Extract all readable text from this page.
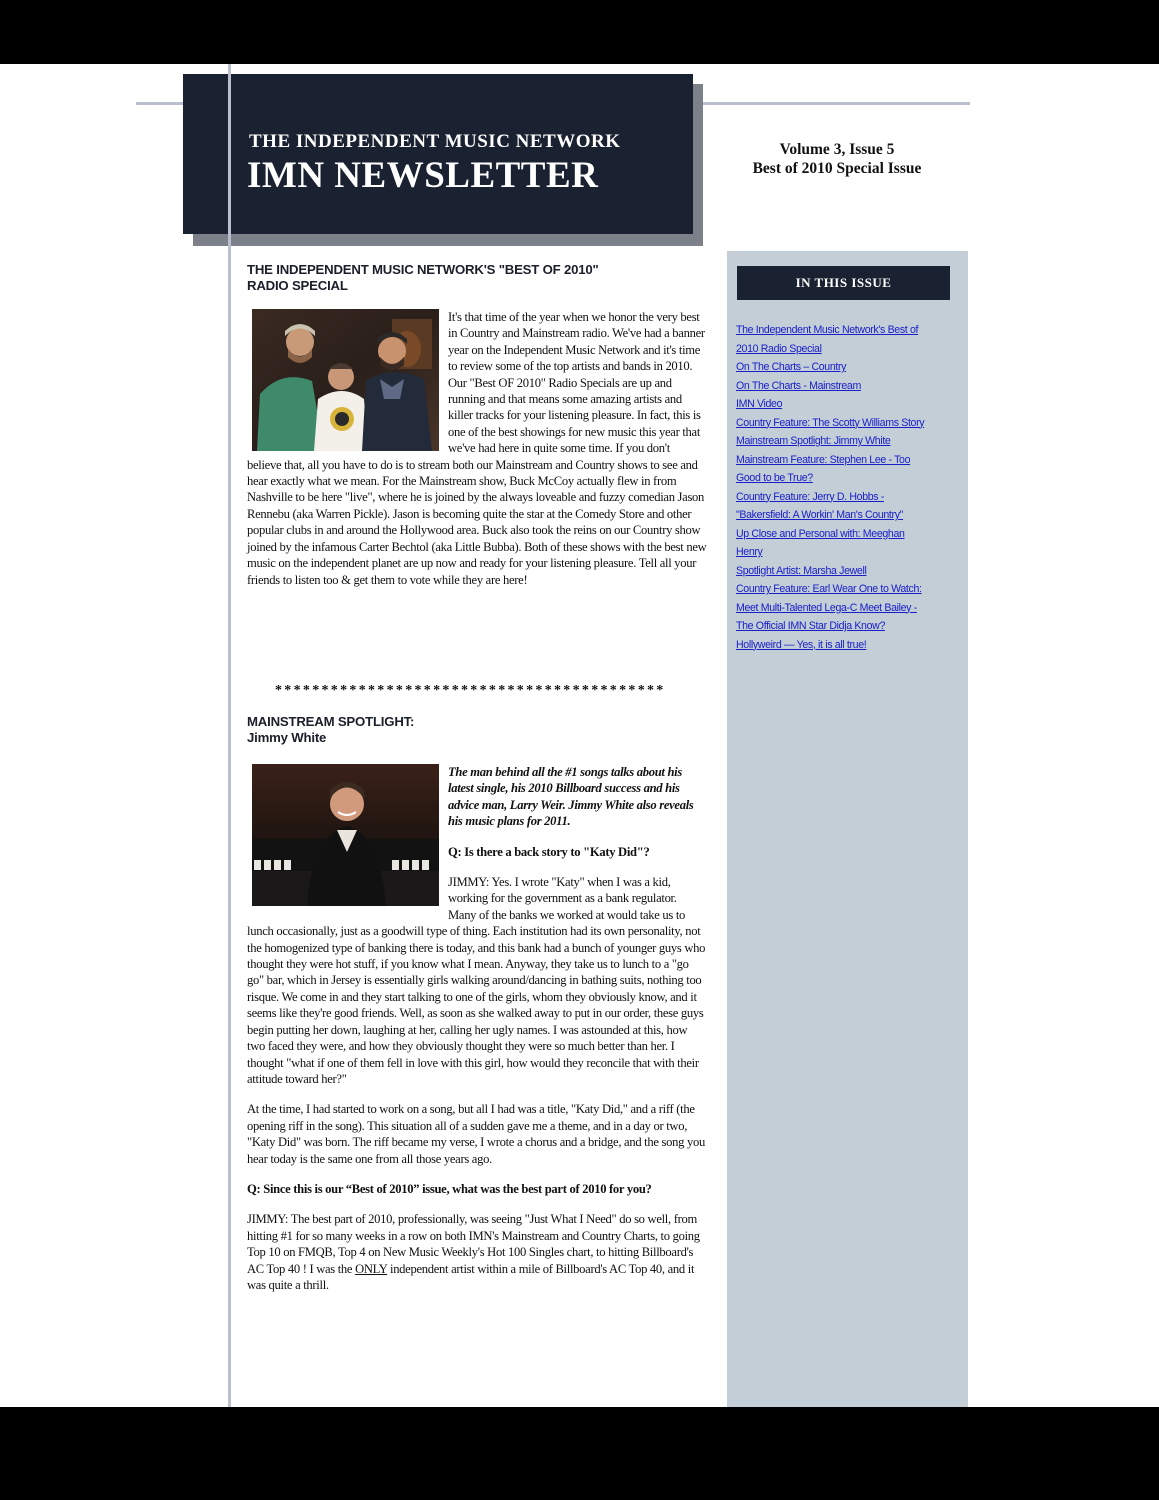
THE INDEPENDENT MUSIC NETWORK
IMN NEWSLETTER
Volume 3, Issue 5
Best of 2010 Special Issue
IN THIS ISSUE
The Independent Music Network's Best of
2010 Radio Special
On The Charts – Country
On The Charts - Mainstream
IMN Video
Country Feature: The Scotty Williams Story
Mainstream Spotlight: Jimmy White
Mainstream Feature: Stephen Lee - Too
Good to be True?
Country Feature: Jerry D. Hobbs -
"Bakersfield: A Workin' Man's Country"
Up Close and Personal with: Meeghan
Henry
Spotlight Artist: Marsha Jewell
Country Feature: Earl Wear One to Watch:
Meet Multi-Talented Lega-C Meet Bailey -
The Official IMN Star Didja Know?
Hollyweird — Yes, it is all true!
THE INDEPENDENT MUSIC NETWORK'S "BEST OF 2010"
RADIO SPECIAL
It's that time of the year when we honor the very best in Country and Mainstream radio. We've had a banner year on the Independent Music Network and it's time to review some of the top artists and bands in 2010. Our "Best OF 2010" Radio Specials are up and running and that means some amazing artists and killer tracks for your listening pleasure. In fact, this is one of the best showings for new music this year that we've had here in quite some time. If you don't believe that, all you have to do is to stream both our Mainstream and Country shows to see and hear exactly what we mean. For the Mainstream show, Buck McCoy actually flew in from Nashville to be here "live", where he is joined by the always loveable and fuzzy comedian Jason Rennebu (aka Warren Pickle). Jason is becoming quite the star at the Comedy Store and other popular clubs in and around the Hollywood area. Buck also took the reins on our Country show joined by the infamous Carter Bechtol (aka Little Bubba). Both of these shows with the best new music on the independent planet are up now and ready for your listening pleasure. Tell all your friends to listen too & get them to vote while they are here!
******************************************
MAINSTREAM SPOTLIGHT:
Jimmy White

The man behind all the #1 songs talks about his latest single, his 2010 Billboard success and his advice man, Larry Weir. Jimmy White also reveals his music plans for 2011.

Q: Is there a back story to "Katy Did"?

JIMMY: Yes. I wrote "Katy" when I was a kid, working for the government as a bank regulator. Many of the banks we worked at would take us to lunch occasionally, just as a goodwill type of thing. Each institution had its own personality, not the homogenized type of banking there is today, and this bank had a bunch of younger guys who thought they were hot stuff, if you know what I mean. Anyway, they take us to lunch to a "go go" bar, which in Jersey is essentially girls walking around/dancing in bathing suits, nothing too risque. We come in and they start talking to one of the girls, whom they obviously know, and it seems like they're good friends. Well, as soon as she walked away to put in our order, these guys begin putting her down, laughing at her, calling her ugly names. I was astounded at this, how two faced they were, and how they obviously thought they were so much better than her. I thought "what if one of them fell in love with this girl, how would they reconcile that with their attitude toward her?"

At the time, I had started to work on a song, but all I had was a title, "Katy Did," and a riff (the opening riff in the song). This situation all of a sudden gave me a theme, and in a day or two, "Katy Did" was born. The riff became my verse, I wrote a chorus and a bridge, and the song you hear today is the same one from all those years ago.

Q: Since this is our “Best of 2010” issue, what was the best part of 2010 for you?

JIMMY: The best part of 2010, professionally, was seeing "Just What I Need" do so well, from hitting #1 for so many weeks in a row on both IMN's Mainstream and Country Charts, to going Top 10 on FMQB, Top 4 on New Music Weekly's Hot 100 Singles chart, to hitting Billboard's AC Top 40 ! I was the ONLY independent artist within a mile of Billboard's AC Top 40, and it was quite a thrill.
